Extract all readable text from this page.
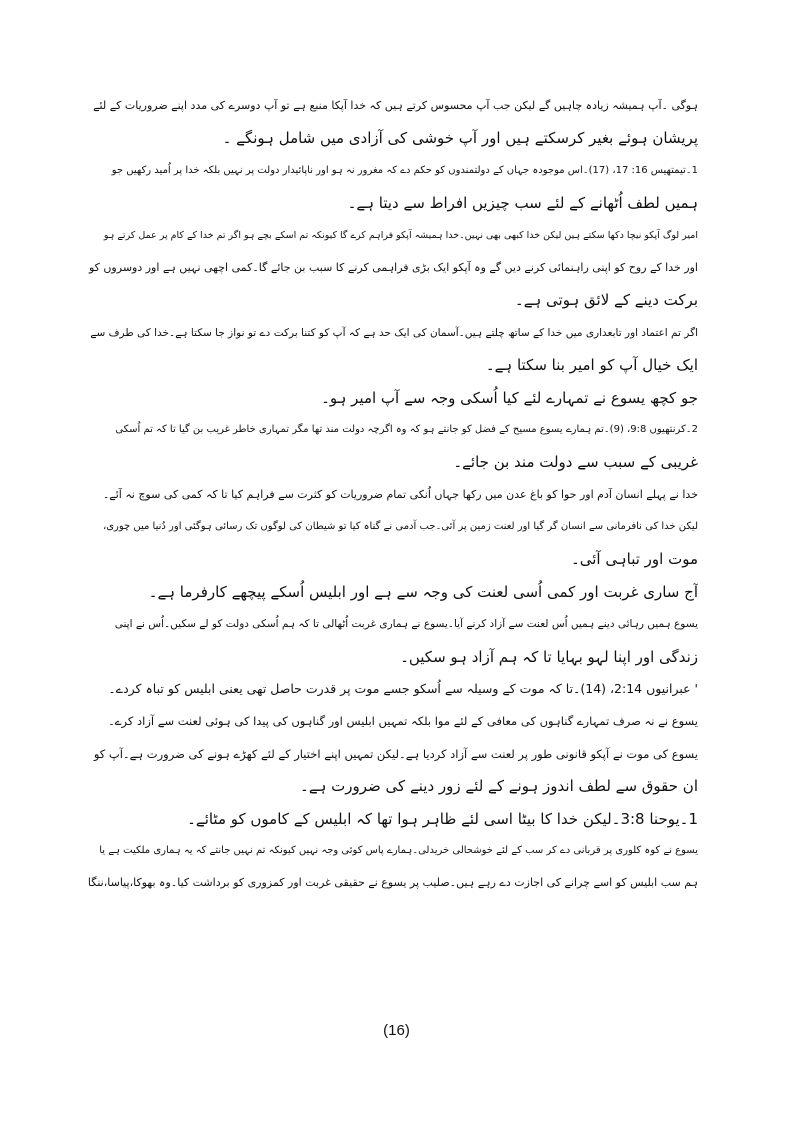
ہوگی ۔آپ ہمیشہ زیادہ چاہیں گے لیکن جب آپ محسوس کرتے ہیں کہ خدا آپکا منبع ہے تو آپ دوسرے کی مدد اپنے ضروریات کے لئے
پریشان ہوئے بغیر کرسکتے ہیں اور آپ خوشی کی آزادی میں شامل ہونگے ۔
1۔تیمتھیس 16: 17، (17)۔اس موجودہ جہاں کے دولتمندوں کو حکم دے کہ مغرور نہ ہو اور ناپائیدار دولت پر نہیں بلکہ خدا پر اُمید رکھیں جو
ہمیں لطف اُٹھانے کے لئے سب چیزیں افراط سے دیتا ہے۔
امیر لوگ آپکو نیچا دکھا سکتے ہیں لیکن خدا کبھی بھی نہیں۔خدا ہمیشہ آپکو فراہم کرے گا کیونکہ تم اسکے بچے ہو اگر تم خدا کے کام پر عمل کرتے ہو
اور خدا کے روح کو اپنی راہنمائی کرنے دیں گے وہ آپکو ایک بڑی فراہمی کرنے کا سبب بن جائے گا۔کمی اچھی نہیں ہے اور دوسروں کو
برکت دینے کے لائق ہوتی ہے۔
اگر تم اعتماد اور تابعداری میں خدا کے ساتھ چلتے ہیں۔آسمان کی ایک حد ہے کہ آپ کو کتنا برکت دے تو نواز جا سکتا ہے۔خدا کی طرف سے
ایک خیال آپ کو امیر بنا سکتا ہے۔
جو کچھ یسوع نے تمہارے لئے کیا اُسکی وجہ سے آپ امیر ہو۔
2۔کرنتھیوں 9:8، (9)۔تم ہمارے یسوع مسیح کے فضل کو جانتے ہو کہ وہ اگرچہ دولت مند تھا مگر تمہاری خاطر غریب بن گیا تا کہ تم اُسکی
غریبی کے سبب سے دولت مند بن جائے۔
خدا نے پہلے انسان آدم اور حوا کو باغ عدن میں رکھا جہاں اُنکی تمام ضروریات کو کثرت سے فراہم کیا تا کہ کمی کی سوچ نہ آئے۔
لیکن خدا کی نافرمانی سے انسان گر گیا اور لعنت زمین پر آئی۔جب آدمی نے گناہ کیا تو شیطان کی لوگوں تک رسائی ہوگئی اور دُنیا میں چوری،
موت اور تباہی آئی۔
آج ساری غربت اور کمی اُسی لعنت کی وجہ سے ہے اور ابلیس اُسکے پیچھے کارفرما ہے۔
یسوع ہمیں رہائی دینے ہمیں اُس لعنت سے آزاد کرنے آیا۔یسوع نے ہماری غربت اُٹھالی تا کہ ہم اُسکی دولت کو لے سکیں۔اُس نے اپنی
زندگی اور اپنا لہو بہایا تا کہ ہم آزاد ہو سکیں۔
' عبرانیوں 2:14، (14)۔تا کہ موت کے وسیلہ سے اُسکو جسے موت پر قدرت حاصل تھی یعنی ابلیس کو تباہ کردے۔
یسوع نے نہ صرف تمہارے گناہوں کی معافی کے لئے موا بلکہ تمہیں ابلیس اور گناہوں کی پیدا کی ہوئی لعنت سے آزاد کرے۔
یسوع کی موت نے آپکو قانونی طور پر لعنت سے آزاد کردیا ہے۔لیکن تمہیں اپنے اختیار کے لئے کھڑے ہونے کی ضرورت ہے۔آپ کو
ان حقوق سے لطف اندوز ہونے کے لئے زور دینے کی ضرورت ہے۔
1۔یوحنا 3:8۔لیکن خدا کا بیٹا اسی لئے ظاہر ہوا تھا کہ ابلیس کے کاموں کو مٹائے۔
یسوع نے کوہ کلوری پر قربانی دے کر سب کے لئے خوشحالی خریدلی۔ہمارے پاس کوئی وجہ نہیں کیونکہ تم نہیں جانتے کہ یہ ہماری ملکیت ہے یا
ہم سب ابلیس کو اسے چرانے کی اجازت دے رہے ہیں۔صلیب پر یسوع نے حقیقی غربت اور کمزوری کو برداشت کیا۔وہ بھوکا،پیاسا،ننگا
(16)
